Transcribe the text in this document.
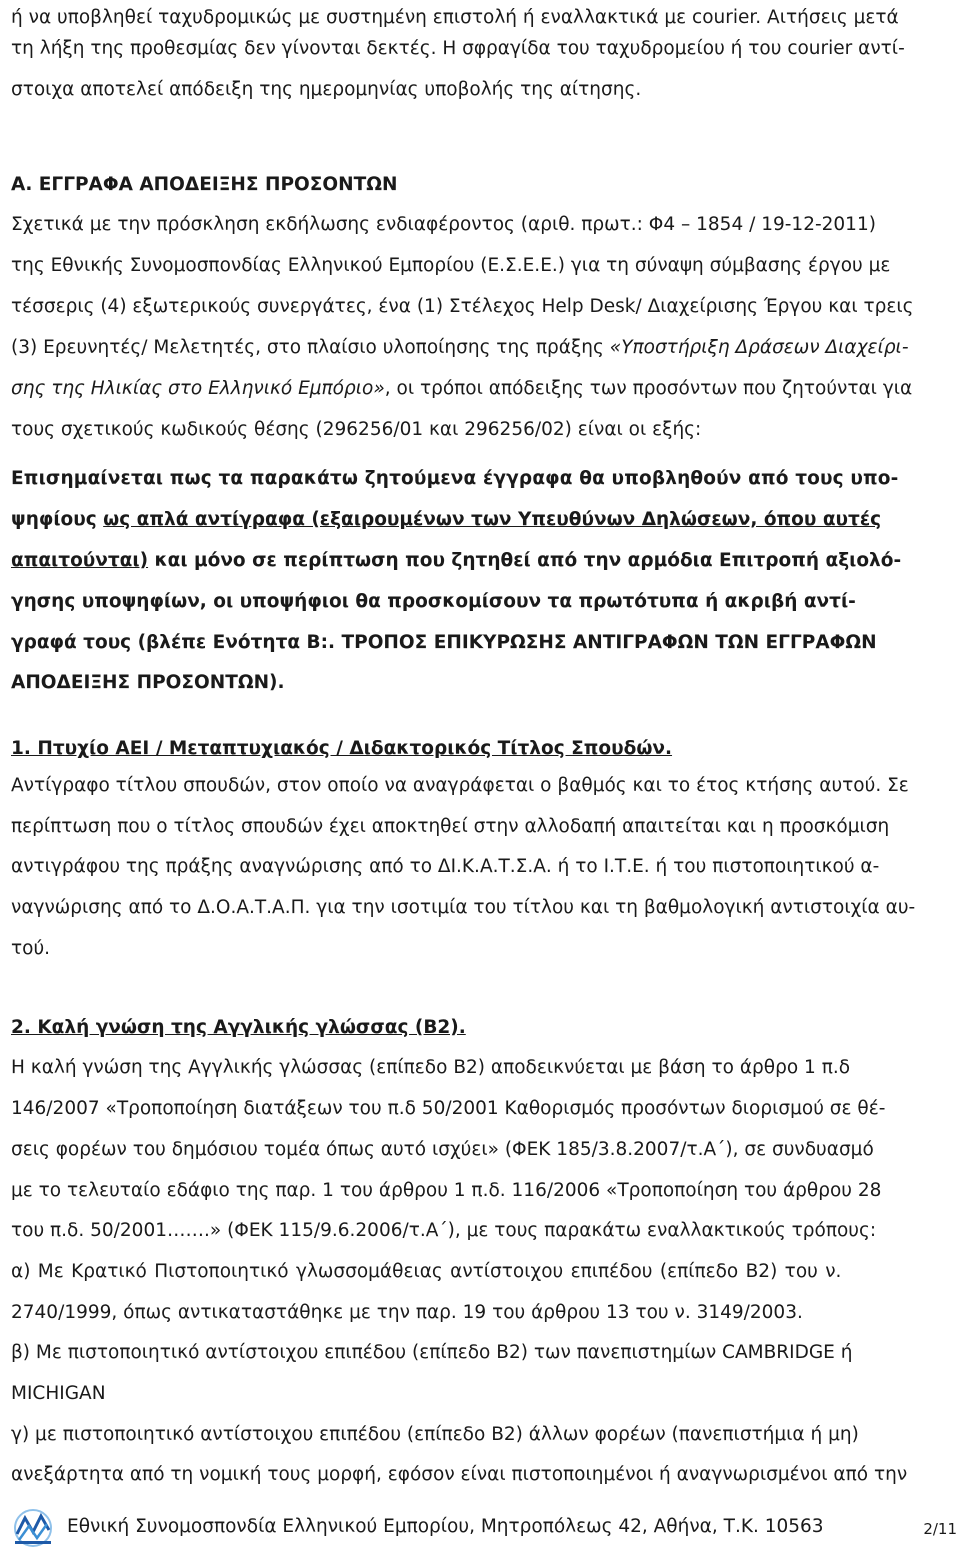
ή να υποβληθεί ταχυδρομικώς με συστημένη επιστολή ή εναλλακτικά με courier. Αιτήσεις μετά

τη λήξη της προθεσμίας δεν γίνονται δεκτές. Η σφραγίδα του ταχυδρομείου ή του courier αντί-

στοιχα αποτελεί απόδειξη της ημερομηνίας υποβολής της αίτησης.

Α. ΕΓΓΡΑΦΑ ΑΠΟΔΕΙΞΗΣ ΠΡΟΣΟΝΤΩΝ

Σχετικά με την πρόσκληση εκδήλωσης ενδιαφέροντος (αριθ. πρωτ.: Φ4 – 1854 / 19-12-2011)

της Εθνικής Συνομοσπονδίας Ελληνικού Εμπορίου (Ε.Σ.Ε.Ε.) για τη σύναψη σύμβασης έργου με

τέσσερις (4) εξωτερικούς συνεργάτες, ένα (1) Στέλεχος Help Desk/ Διαχείρισης Έργου και τρεις

(3) Ερευνητές/ Μελετητές, στο πλαίσιο υλοποίησης της πράξης «Υποστήριξη Δράσεων Διαχείρι-

σης της Ηλικίας στο Ελληνικό Εμπόριο», οι τρόποι απόδειξης των προσόντων που ζητούνται για

τους σχετικούς κωδικούς θέσης (296256/01 και 296256/02) είναι οι εξής:

Επισημαίνεται πως τα παρακάτω ζητούμενα έγγραφα θα υποβληθούν από τους υπο-

ψηφίους ως απλά αντίγραφα (εξαιρουμένων των Υπευθύνων Δηλώσεων, όπου αυτές

απαιτούνται) και μόνο σε περίπτωση που ζητηθεί από την αρμόδια Επιτροπή αξιολό-

γησης υποψηφίων, οι υποψήφιοι θα προσκομίσουν τα πρωτότυπα ή ακριβή αντί-

γραφά τους (βλέπε Ενότητα Β:. ΤΡΟΠΟΣ ΕΠΙΚΥΡΩΣΗΣ ΑΝΤΙΓΡΑΦΩΝ ΤΩΝ ΕΓΓΡΑΦΩΝ

ΑΠΟΔΕΙΞΗΣ ΠΡΟΣΟΝΤΩΝ).

1. Πτυχίο ΑΕΙ / Μεταπτυχιακός / Διδακτορικός Τίτλος Σπουδών.

Αντίγραφο τίτλου σπουδών, στον οποίο να αναγράφεται ο βαθμός και το έτος κτήσης αυτού. Σε

περίπτωση που ο τίτλος σπουδών έχει αποκτηθεί στην αλλοδαπή απαιτείται και η προσκόμιση

αντιγράφου της πράξης αναγνώρισης από το ΔΙ.Κ.Α.Τ.Σ.Α. ή το Ι.Τ.Ε. ή του πιστοποιητικού α-

ναγνώρισης από το Δ.Ο.Α.Τ.Α.Π. για την ισοτιμία του τίτλου και τη βαθμολογική αντιστοιχία αυ-

τού.

2. Καλή γνώση της Αγγλικής γλώσσας (Β2).

Η καλή γνώση της Αγγλικής γλώσσας (επίπεδο Β2) αποδεικνύεται με βάση το άρθρο 1 π.δ

146/2007 «Τροποποίηση διατάξεων του π.δ 50/2001 Καθορισμός προσόντων διορισμού σε θέ-

σεις φορέων του δημόσιου τομέα όπως αυτό ισχύει» (ΦΕΚ 185/3.8.2007/τ.Α΄), σε συνδυασμό

με το τελευταίο εδάφιο της παρ. 1 του άρθρου 1 π.δ. 116/2006 «Τροποποίηση του άρθρου 28

του π.δ. 50/2001…….» (ΦΕΚ 115/9.6.2006/τ.Α΄), με τους παρακάτω εναλλακτικούς τρόπους:

α) Με Κρατικό Πιστοποιητικό γλωσσομάθειας αντίστοιχου επιπέδου (επίπεδο Β2) του ν.

2740/1999, όπως αντικαταστάθηκε με την παρ. 19 του άρθρου 13 του ν. 3149/2003.

β) Με πιστοποιητικό αντίστοιχου επιπέδου (επίπεδο Β2) των πανεπιστημίων CAMBRIDGE ή

MICHIGAN

γ) με πιστοποιητικό αντίστοιχου επιπέδου (επίπεδο Β2) άλλων φορέων (πανεπιστήμια ή μη)

ανεξάρτητα από τη νομική τους μορφή, εφόσον είναι πιστοποιημένοι ή αναγνωρισμένοι από την

Εθνική Συνομοσπονδία Ελληνικού Εμπορίου, Μητροπόλεως 42, Αθήνα, Τ.Κ. 10563	2/11
